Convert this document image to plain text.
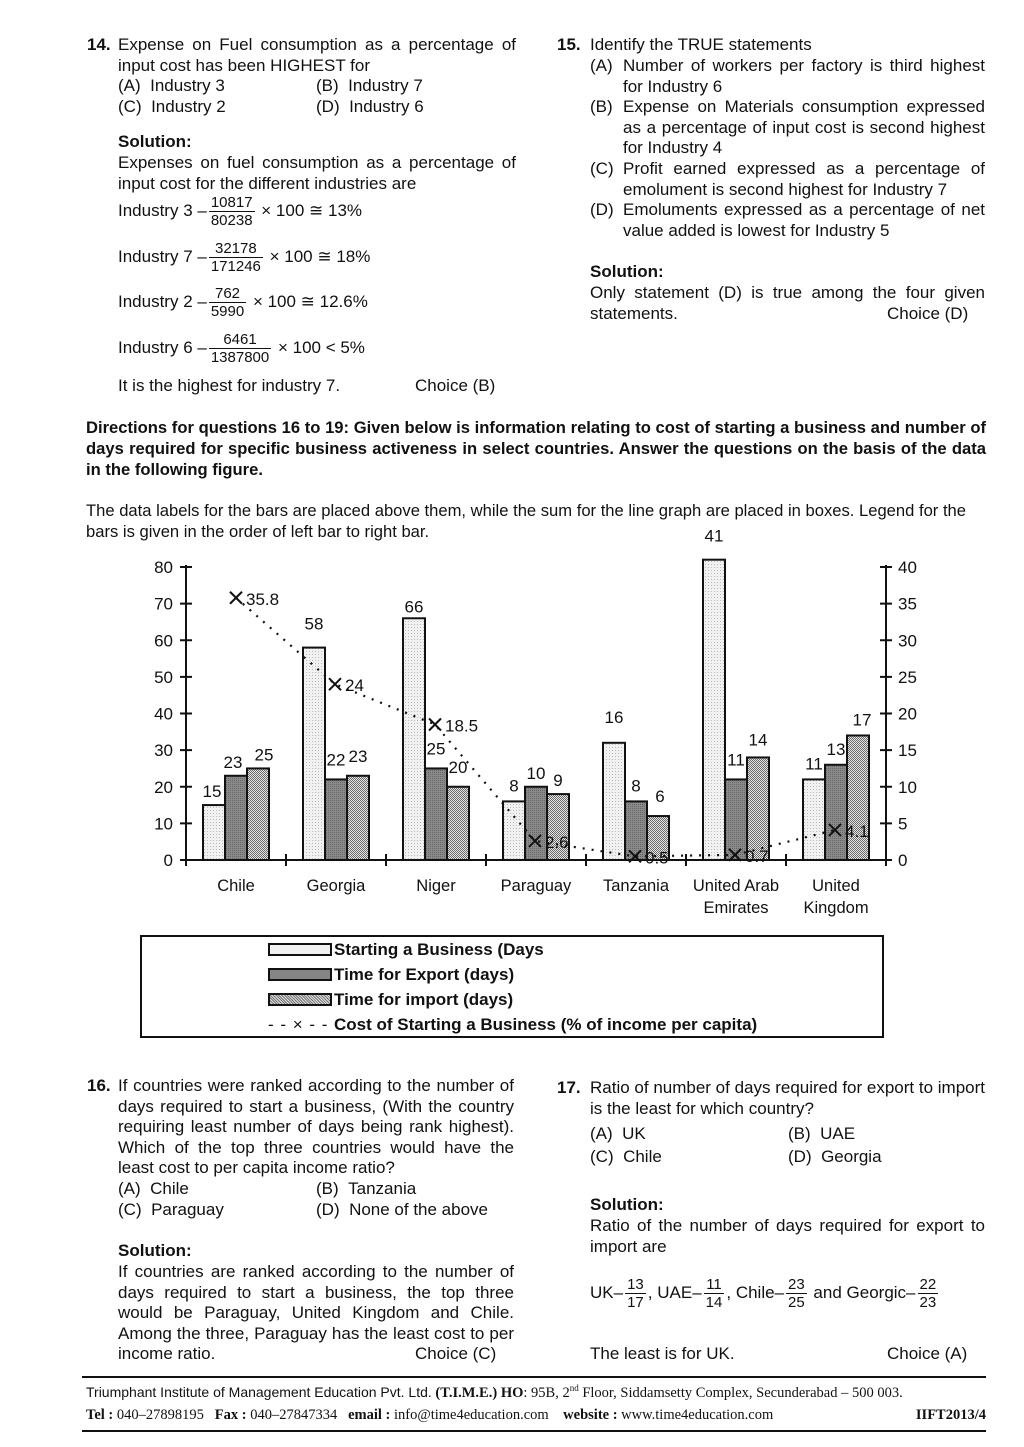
14. Expense on Fuel consumption as a percentage of input cost has been HIGHEST for
(A) Industry 3	(B) Industry 7
(C) Industry 2	(D) Industry 6
Solution:
Expenses on fuel consumption as a percentage of input cost for the different industries are
Industry $3 - \frac{10817}{80238} \times 100$ ≅ 13%
Industry $7 - \frac{32178}{171246} \times 100$ ≅ 18%
Industry $2 - \frac{762}{5990} \times 100$ ≅ 12.6%
Industry $6 - \frac{6461}{1387800} \times 100 < 5\%$
It is the highest for industry 7.	Choice (B)
15. Identify the TRUE statements
(A) Number of workers per factory is third highest for Industry 6
(B) Expense on Materials consumption expressed as a percentage of input cost is second highest for Industry 4
(C) Profit earned expressed as a percentage of emolument is second highest for Industry 7
(D) Emoluments expressed as a percentage of net value added is lowest for Industry 5
Solution:
Only statement (D) is true among the four given statements.	Choice (D)
Directions for questions 16 to 19: Given below is information relating to cost of starting a business and number of days required for specific business activeness in select countries. Answer the questions on the basis of the data in the following figure.
The data labels for the bars are placed above them, while the sum for the line graph are placed in boxes. Legend for the bars is given in the order of left bar to right bar.
80
70
60
50
40
30
20
10
0
40
35
30
25
20
15
10
5
0
15
23 25
58
22 23
66
25
20
8
10 9
16
8
6
41
11
14
11
13
17
35.8
24
18.5
2.6
0.5	0.7
4.1
Chile	Georgia	Niger	Paraguay	Tanzania	United Arab
Emirates
United
Kingdom
Starting a Business (Days
Time for Export (days)
Time for import (days)
- - × - - Cost of Starting a Business (% of income per capita)
16. If countries were ranked according to the number of days required to start a business, (With the country requiring least number of days being rank highest). Which of the top three countries would have the least cost to per capita income ratio?
(A) Chile	(B) Tanzania
(C) Paraguay	(D) None of the above
Solution:
If countries are ranked according to the number of days required to start a business, the top three would be Paraguay, United Kingdom and Chile. Among the three, Paraguay has the least cost to per income ratio.	Choice (C)
17. Ratio of number of days required for export to import is the least for which country?
(A) UK	(B) UAE
(C) Chile	(D) Georgia
Solution:
Ratio of the number of days required for export to import are
$UK- \frac{13}{17}$ , $UAE- \frac{11}{14}$ , Chile– $\frac{23}{25}$ and Georgic– $\frac{22}{23}$
The least is for UK.	Choice (A)
Triumphant Institute of Management Education Pvt. Ltd. (T.I.M.E.) HO: 95B, 2nd Floor, Siddamsetty Complex, Secunderabad – 500 003.
Tel : 040–27898195 Fax : 040–27847334 email : info@time4education.com website : www.time4education.com	IIFT2013/4
